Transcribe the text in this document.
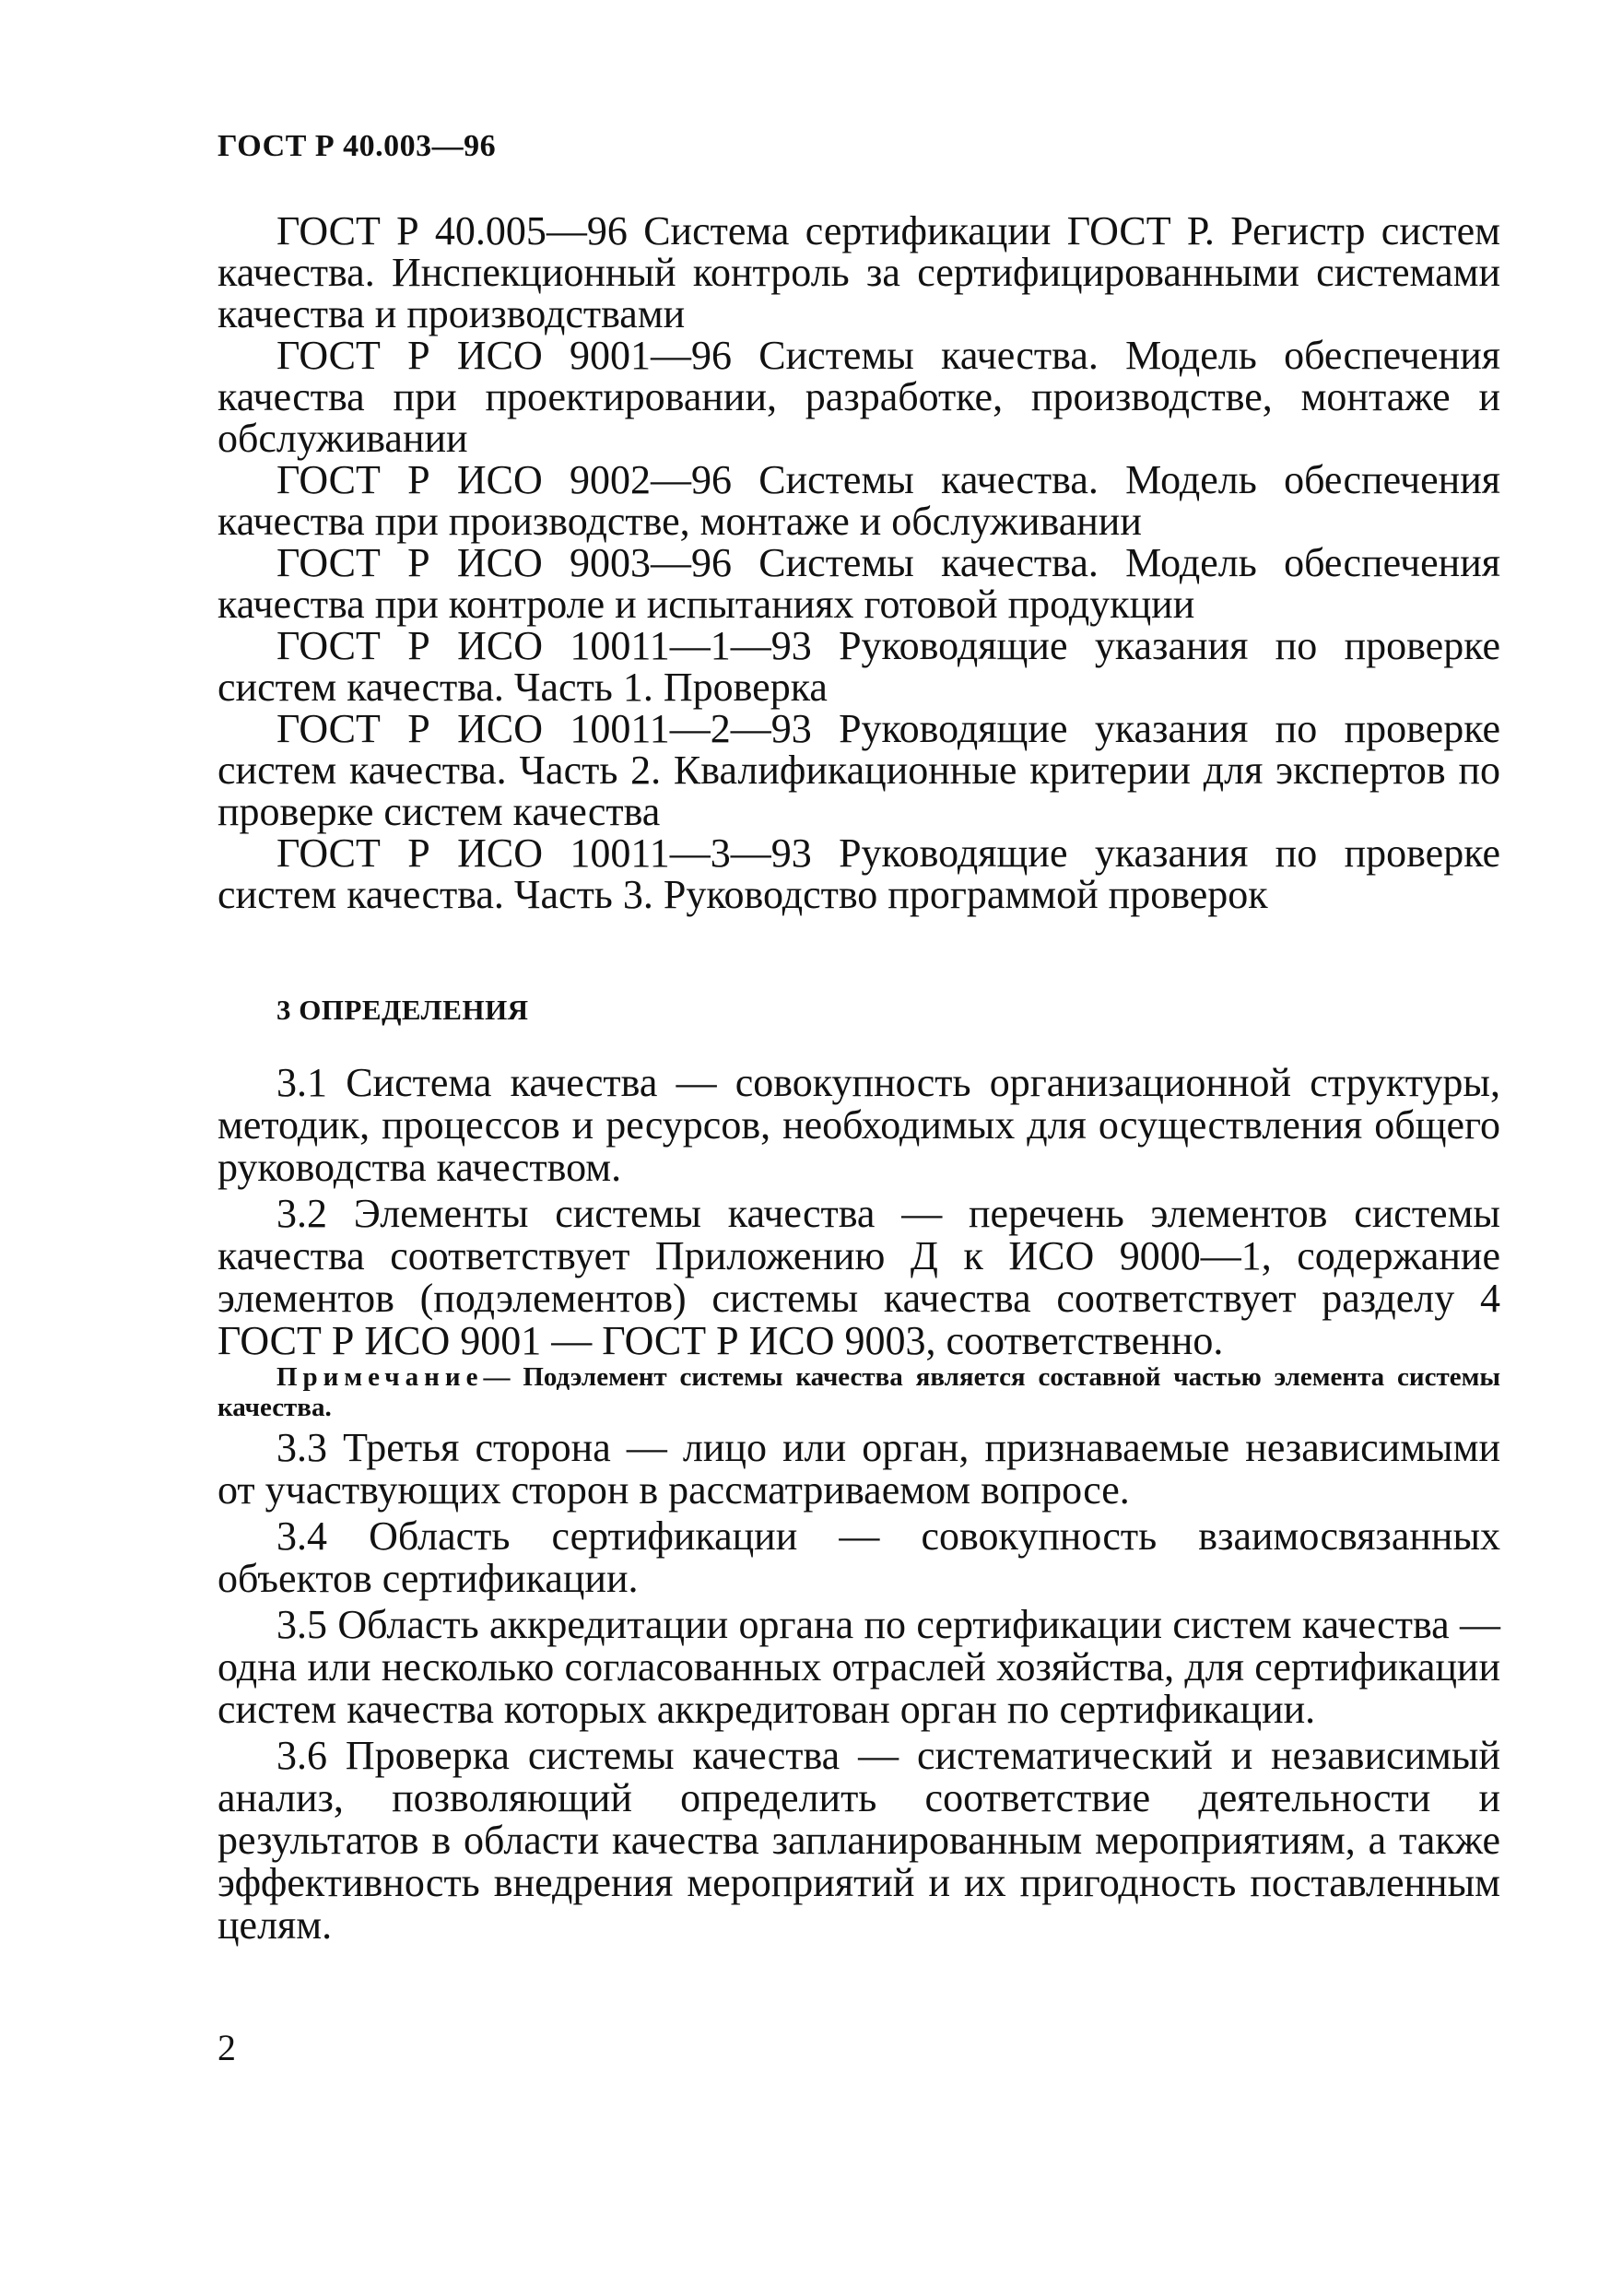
ГОСТ Р 40.003—96

ГОСТ Р 40.005—96 Система сертификации ГОСТ Р. Регистр систем качества. Инспекционный контроль за сертифицированными системами качества и производствами

ГОСТ Р ИСО 9001—96 Системы качества. Модель обеспечения качества при проектировании, разработке, производстве, монтаже и обслуживании

ГОСТ Р ИСО 9002—96 Системы качества. Модель обеспечения качества при производстве, монтаже и обслуживании

ГОСТ Р ИСО 9003—96 Системы качества. Модель обеспечения качества при контроле и испытаниях готовой продукции

ГОСТ Р ИСО 10011—1—93 Руководящие указания по проверке систем качества. Часть 1. Проверка

ГОСТ Р ИСО 10011—2—93 Руководящие указания по проверке систем качества. Часть 2. Квалификационные критерии для экспертов по проверке систем качества

ГОСТ Р ИСО 10011—3—93 Руководящие указания по проверке систем качества. Часть 3. Руководство программой проверок

3 ОПРЕДЕЛЕНИЯ

3.1 Система качества — совокупность организационной структуры, методик, процессов и ресурсов, необходимых для осуществления общего руководства качеством.

3.2 Элементы системы качества — перечень элементов системы качества соответствует Приложению Д к ИСО 9000—1, содержание элементов (подэлементов) системы качества соответствует разделу 4 ГОСТ Р ИСО 9001 — ГОСТ Р ИСО 9003, соответственно.

Примечание— Подэлемент системы качества является составной частью элемента системы качества.

3.3 Третья сторона — лицо или орган, признаваемые независимыми от участвующих сторон в рассматриваемом вопросе.

3.4 Область сертификации — совокупность взаимосвязанных объектов сертификации.

3.5 Область аккредитации органа по сертификации систем качества — одна или несколько согласованных отраслей хозяйства, для сертификации систем качества которых аккредитован орган по сертификации.

3.6 Проверка системы качества — систематический и независимый анализ, позволяющий определить соответствие деятельности и результатов в области качества запланированным мероприятиям, а также эффективность внедрения мероприятий и их пригодность поставленным целям.

2
